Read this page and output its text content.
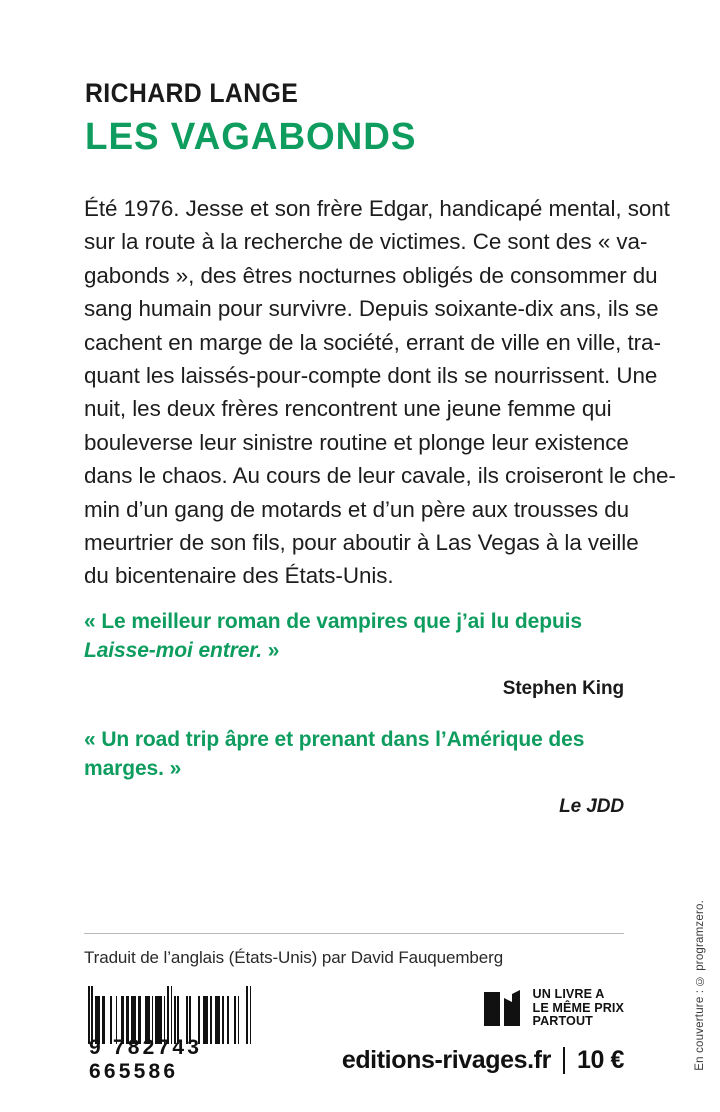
RICHARD LANGE
LES VAGABONDS
Été 1976. Jesse et son frère Edgar, handicapé mental, sont
sur la route à la recherche de victimes. Ce sont des « va-
gabonds », des êtres nocturnes obligés de consommer du
sang humain pour survivre. Depuis soixante-dix ans, ils se
cachent en marge de la société, errant de ville en ville, tra-
quant les laissés-pour-compte dont ils se nourrissent. Une
nuit, les deux frères rencontrent une jeune femme qui
bouleverse leur sinistre routine et plonge leur existence
dans le chaos. Au cours de leur cavale, ils croiseront le che-
min d’un gang de motards et d’un père aux trousses du
meurtrier de son fils, pour aboutir à Las Vegas à la veille
du bicentenaire des États-Unis.
« Le meilleur roman de vampires que j’ai lu depuis
Laisse-moi entrer. »
Stephen King
« Un road trip âpre et prenant dans l’Amérique des
marges. »
Le JDD
Traduit de l’anglais (États-Unis) par David Fauquemberg
9 782743 665586
UN LIVRE A
LE MÊME PRIX
PARTOUT
editions-rivages.fr 10 €	En couverture : © programzero.
